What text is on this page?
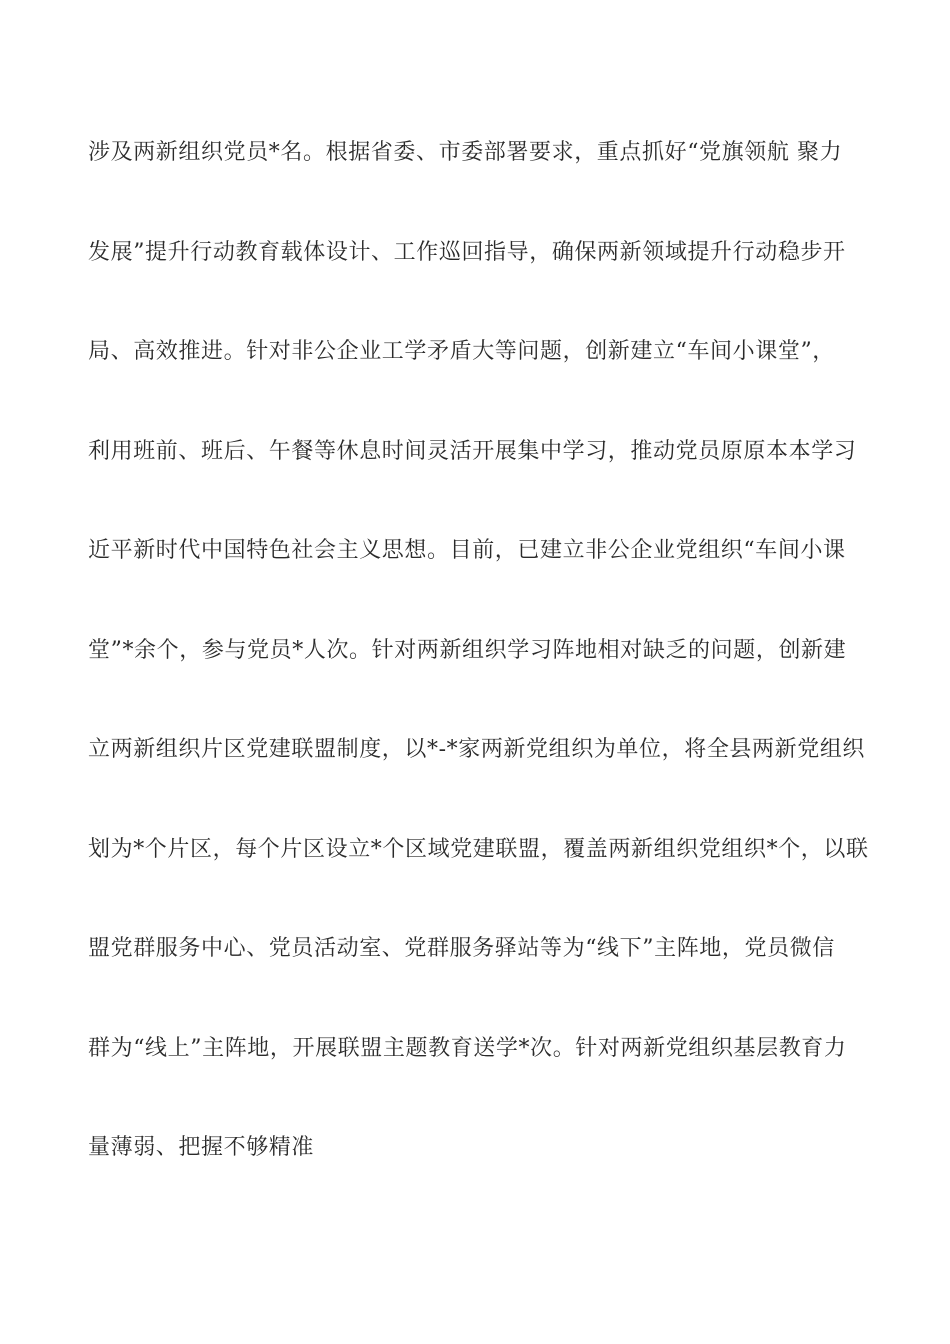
涉及两新组织党员*名。根据省委、市委部署要求，重点抓好“党旗领航 聚力
发展”提升行动教育载体设计、工作巡回指导，确保两新领域提升行动稳步开
局、高效推进。针对非公企业工学矛盾大等问题，创新建立“车间小课堂”，
利用班前、班后、午餐等休息时间灵活开展集中学习，推动党员原原本本学习
近平新时代中国特色社会主义思想。目前，已建立非公企业党组织“车间小课
堂”*余个，参与党员*人次。针对两新组织学习阵地相对缺乏的问题，创新建
立两新组织片区党建联盟制度，以*-*家两新党组织为单位，将全县两新党组织
划为*个片区，每个片区设立*个区域党建联盟，覆盖两新组织党组织*个，以联
盟党群服务中心、党员活动室、党群服务驿站等为“线下”主阵地，党员微信
群为“线上”主阵地，开展联盟主题教育送学*次。针对两新党组织基层教育力
量薄弱、把握不够精准
